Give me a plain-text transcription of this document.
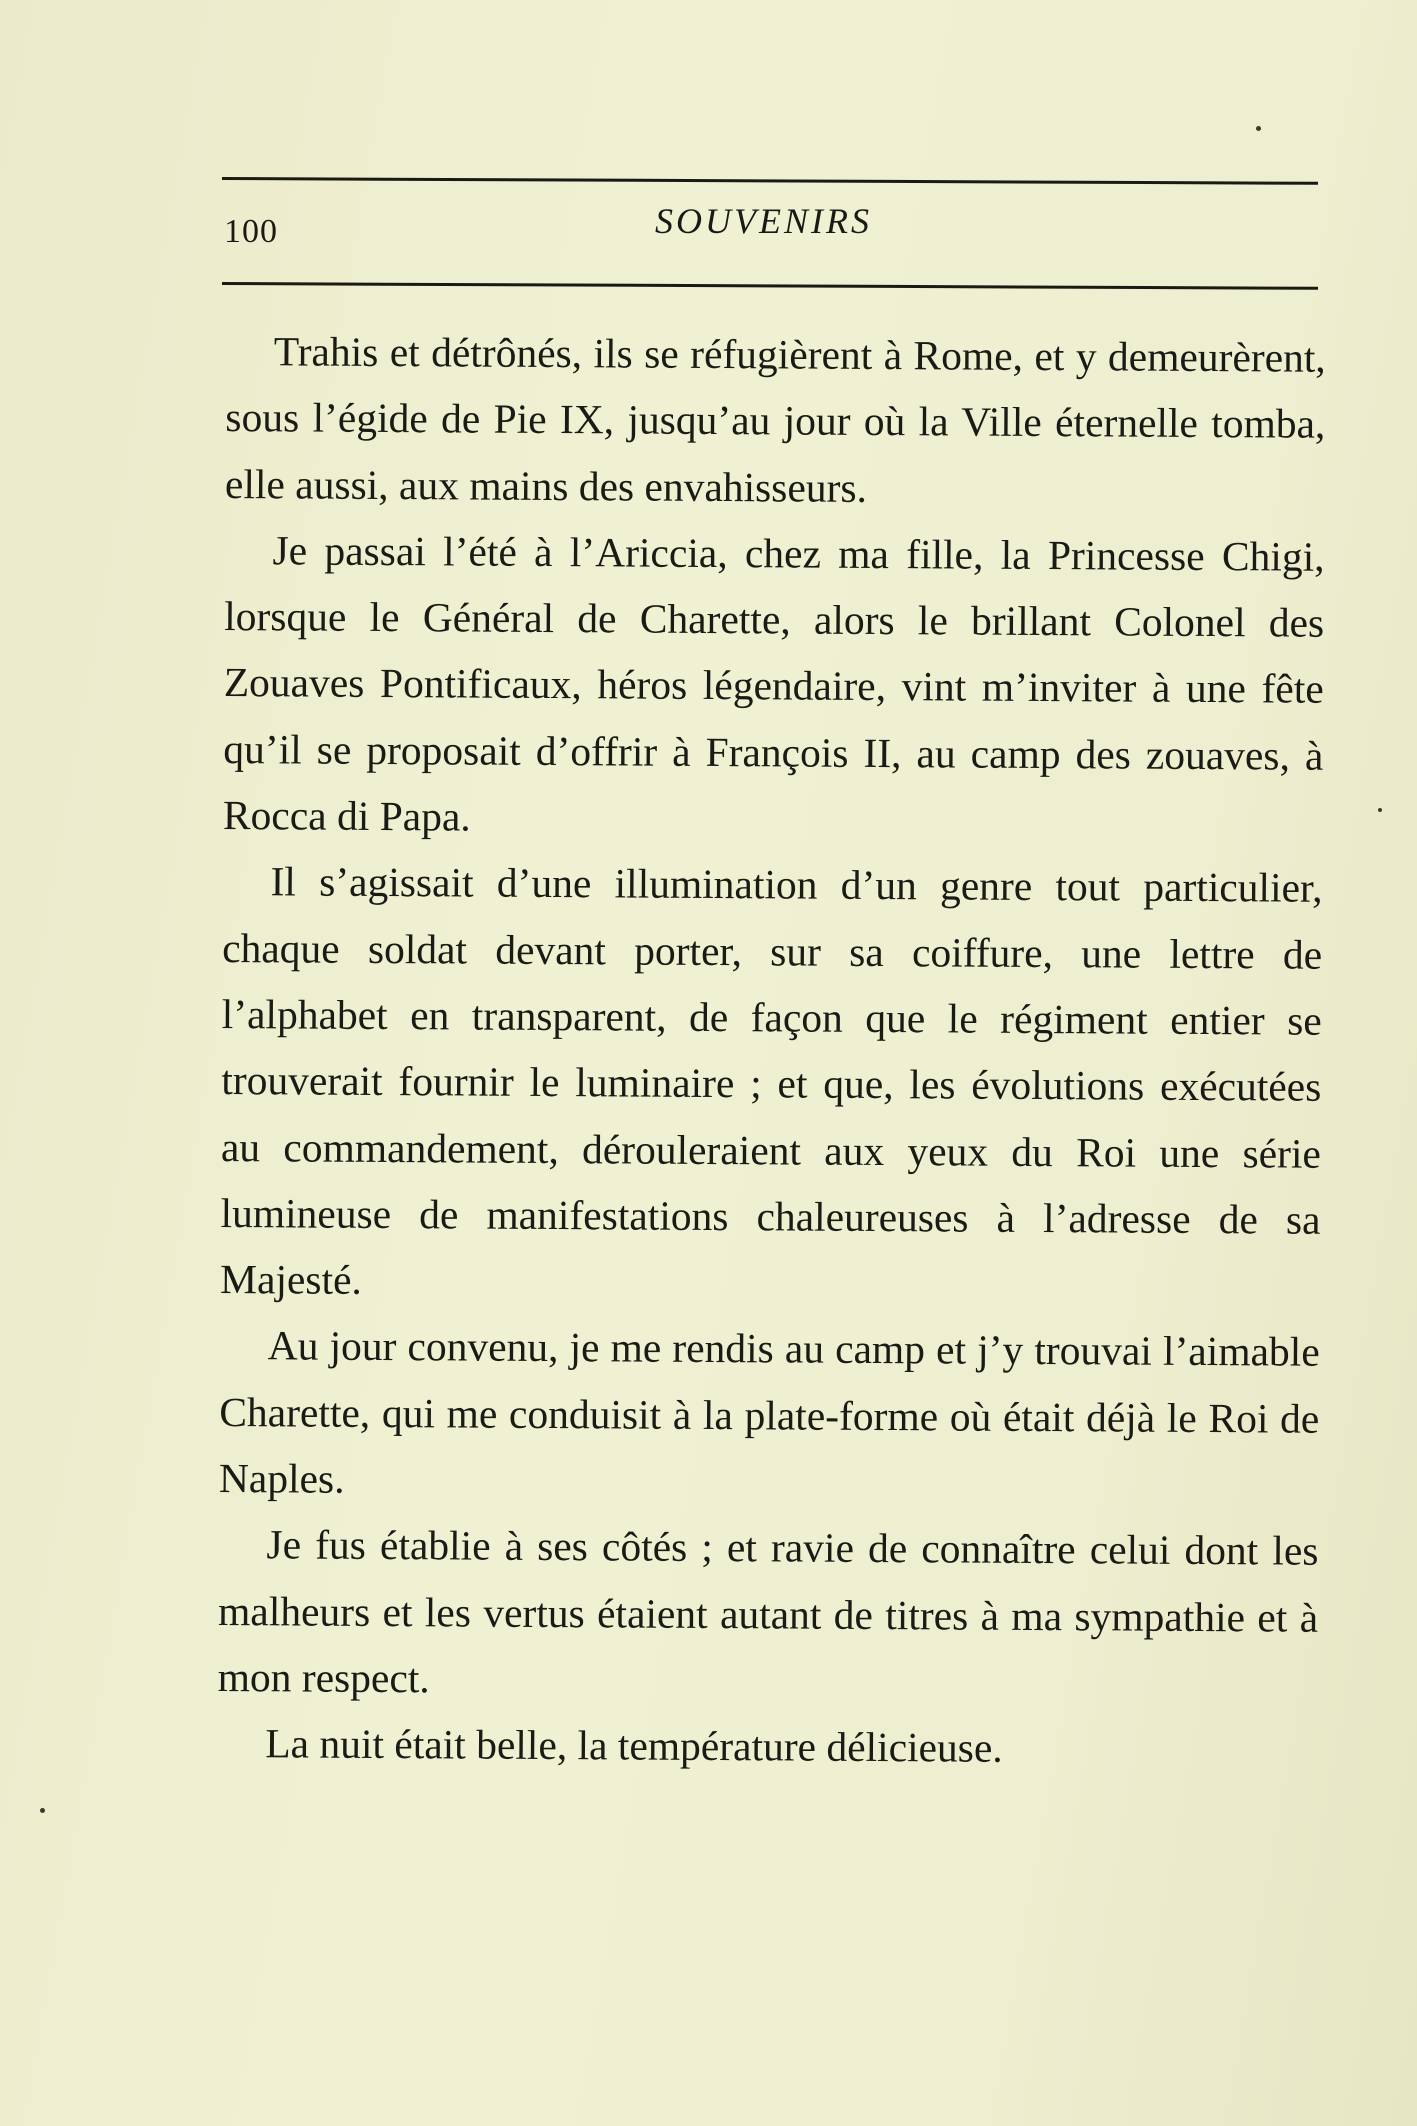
100	SOUVENIRS

Trahis et détrônés, ils se réfugièrent à Rome, et y demeurèrent, sous l’égide de Pie IX, jusqu’au jour où la Ville éternelle tomba, elle aussi, aux mains des envahisseurs.

Je passai l’été à l’Ariccia, chez ma fille, la Princesse Chigi, lorsque le Général de Charette, alors le brillant Colonel des Zouaves Pontificaux, héros légendaire, vint m’inviter à une fête qu’il se proposait d’offrir à François II, au camp des zouaves, à Rocca di Papa.

Il s’agissait d’une illumination d’un genre tout particulier, chaque soldat devant porter, sur sa coiffure, une lettre de l’alphabet en transparent, de façon que le régiment entier se trouverait fournir le luminaire ; et que, les évolutions exécutées au commandement, dérouleraient aux yeux du Roi une série lumineuse de manifestations chaleureuses à l’adresse de sa Majesté.

Au jour convenu, je me rendis au camp et j’y trouvai l’aimable Charette, qui me conduisit à la plate-forme où était déjà le Roi de Naples.

Je fus établie à ses côtés ; et ravie de connaître celui dont les malheurs et les vertus étaient autant de titres à ma sympathie et à mon respect.

La nuit était belle, la température délicieuse.
